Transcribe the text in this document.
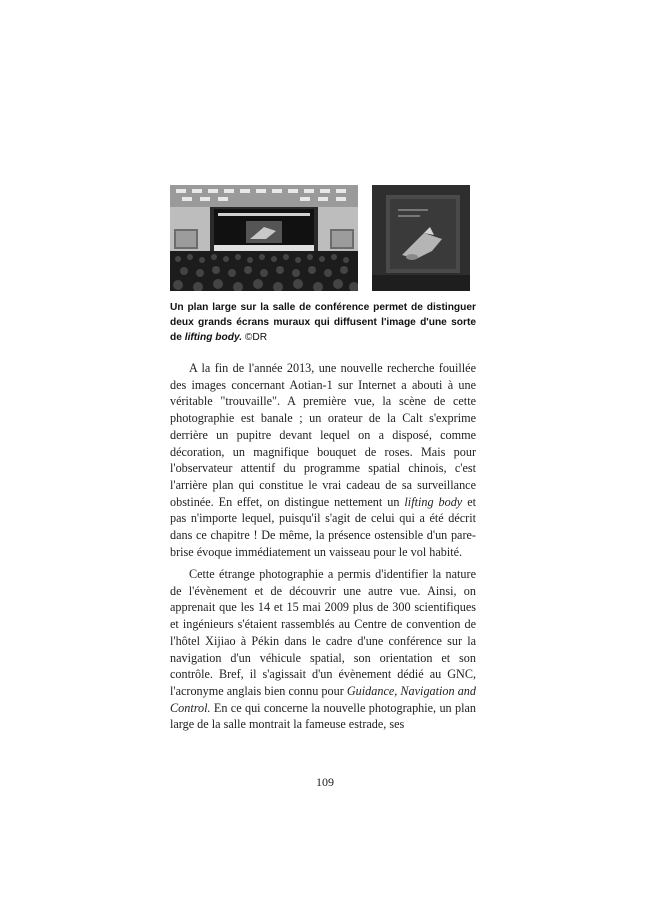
Un plan large sur la salle de conférence permet de distinguer deux grands écrans muraux qui diffusent l'image d'une sorte de lifting body. ©DR

A la fin de l'année 2013, une nouvelle recherche fouillée des images concernant Aotian-1 sur Internet a abouti à une véritable "trouvaille". A première vue, la scène de cette photographie est banale ; un orateur de la Calt s'exprime derrière un pupitre devant lequel on a disposé, comme décoration, un magnifique bouquet de roses. Mais pour l'observateur attentif du programme spatial chinois, c'est l'arrière plan qui constitue le vrai cadeau de sa surveillance obstinée. En effet, on distingue nettement un lifting body et pas n'importe lequel, puisqu'il s'agit de celui qui a été décrit dans ce chapitre ! De même, la présence ostensible d'un pare-brise évoque immédiatement un vaisseau pour le vol habité.

Cette étrange photographie a permis d'identifier la nature de l'évènement et de découvrir une autre vue. Ainsi, on apprenait que les 14 et 15 mai 2009 plus de 300 scientifiques et ingénieurs s'étaient rassemblés au Centre de convention de l'hôtel Xijiao à Pékin dans le cadre d'une conférence sur la navigation d'un véhicule spatial, son orientation et son contrôle. Bref, il s'agissait d'un évènement dédié au GNC, l'acronyme anglais bien connu pour Guidance, Navigation and Control. En ce qui concerne la nouvelle photographie, un plan large de la salle montrait la fameuse estrade, ses

109
